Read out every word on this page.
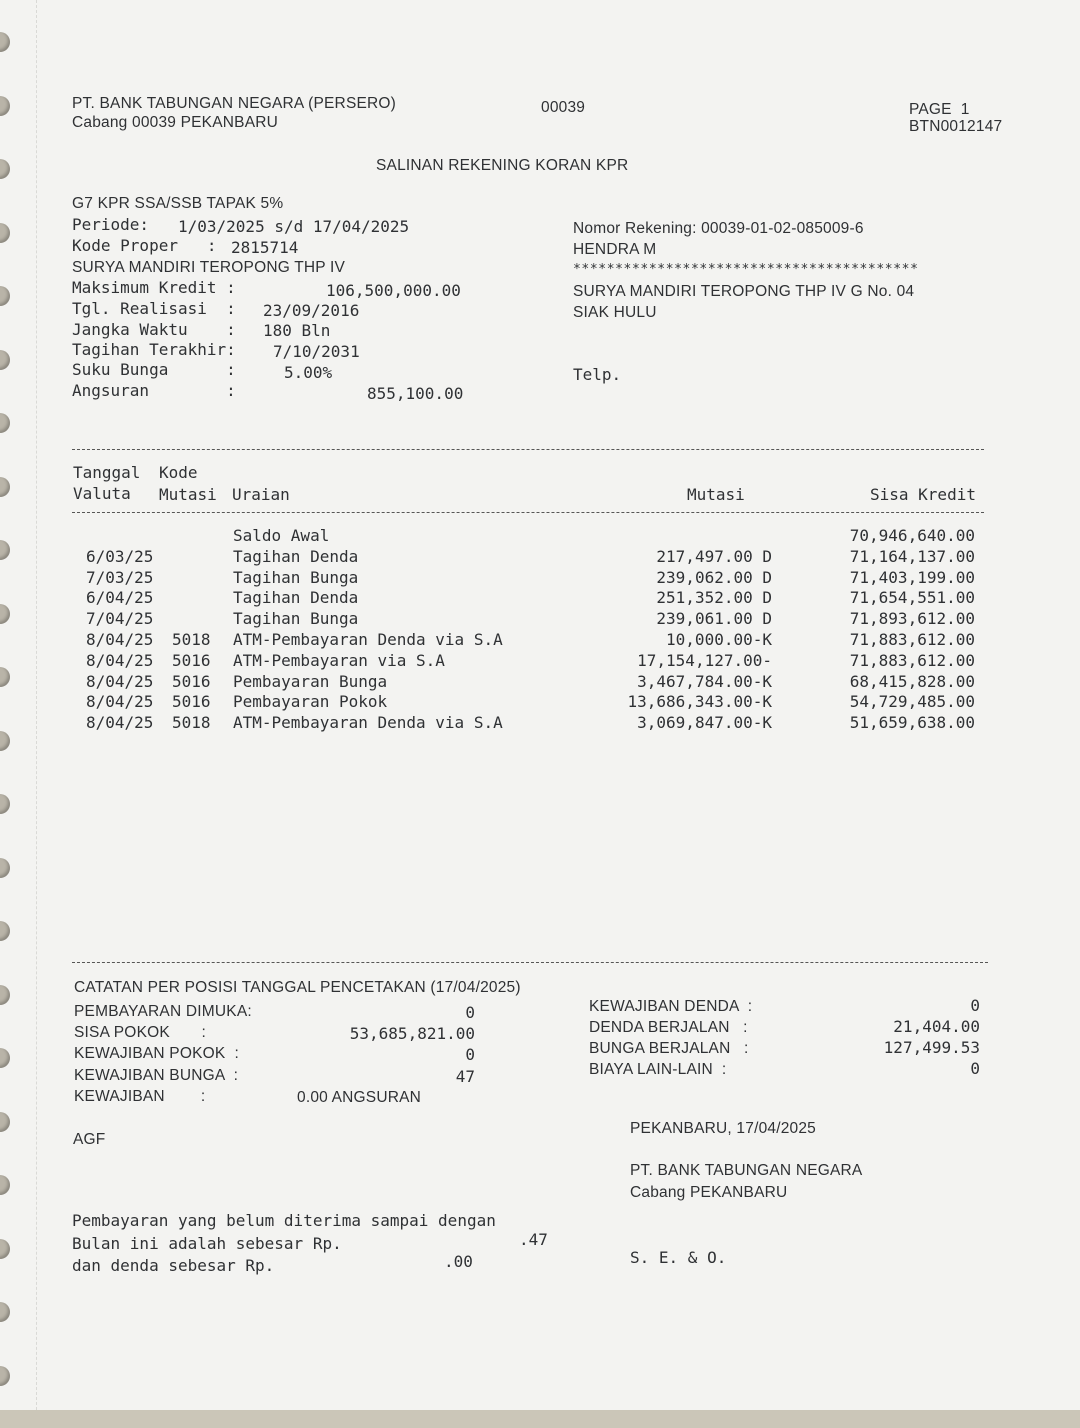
PT. BANK TABUNGAN NEGARA (PERSERO)
Cabang 00039 PEKANBARU
00039	PAGE  1
BTN0012147
SALINAN REKENING KORAN KPR
G7 KPR SSA/SSB TAPAK 5%
Periode: 1/03/2025 s/d 17/04/2025
Kode Proper   : 2815714
SURYA MANDIRI TEROPONG THP IV
Maksimum Kredit :	106,500,000.00
Tgl. Realisasi  : 23/09/2016
Jangka Waktu    : 180 Bln
Tagihan Terakhir: 7/10/2031
Suku Bunga      :	5.00%
Angsuran        :	855,100.00
Nomor Rekening: 00039-01-02-085009-6
HENDRA M
*****************************************
SURYA MANDIRI TEROPONG THP IV G No. 04
SIAK HULU
Telp.
Tanggal Kode
Valuta Mutasi Uraian	Mutasi	Sisa Kredit
Saldo Awal	70,946,640.00
6/03/25	Tagihan Denda	217,497.00 D	71,164,137.00
7/03/25	Tagihan Bunga	239,062.00 D	71,403,199.00
6/04/25	Tagihan Denda	251,352.00 D	71,654,551.00
7/04/25	Tagihan Bunga	239,061.00 D	71,893,612.00
8/04/25 5018 ATM-Pembayaran Denda via S.A	10,000.00-K	71,883,612.00
8/04/25 5016 ATM-Pembayaran via S.A	17,154,127.00-	71,883,612.00
8/04/25 5016 Pembayaran Bunga	3,467,784.00-K	68,415,828.00
8/04/25 5016 Pembayaran Pokok	13,686,343.00-K	54,729,485.00
8/04/25 5018 ATM-Pembayaran Denda via S.A	3,069,847.00-K	51,659,638.00
CATATAN PER POSISI TANGGAL PENCETAKAN (17/04/2025)
PEMBAYARAN DIMUKA:	0
SISA POKOK       :	53,685,821.00
KEWAJIBAN POKOK  :	0
KEWAJIBAN BUNGA  :	47
KEWAJIBAN        :	0.00 ANGSURAN
KEWAJIBAN DENDA  :	0
DENDA BERJALAN   :	21,404.00
BUNGA BERJALAN   :	127,499.53
BIAYA LAIN-LAIN  :	0
AGF
PEKANBARU, 17/04/2025
PT. BANK TABUNGAN NEGARA
Cabang PEKANBARU
Pembayaran yang belum diterima sampai dengan
Bulan ini adalah sebesar Rp.	.47
dan denda sebesar Rp.	.00	S. E. & O.
